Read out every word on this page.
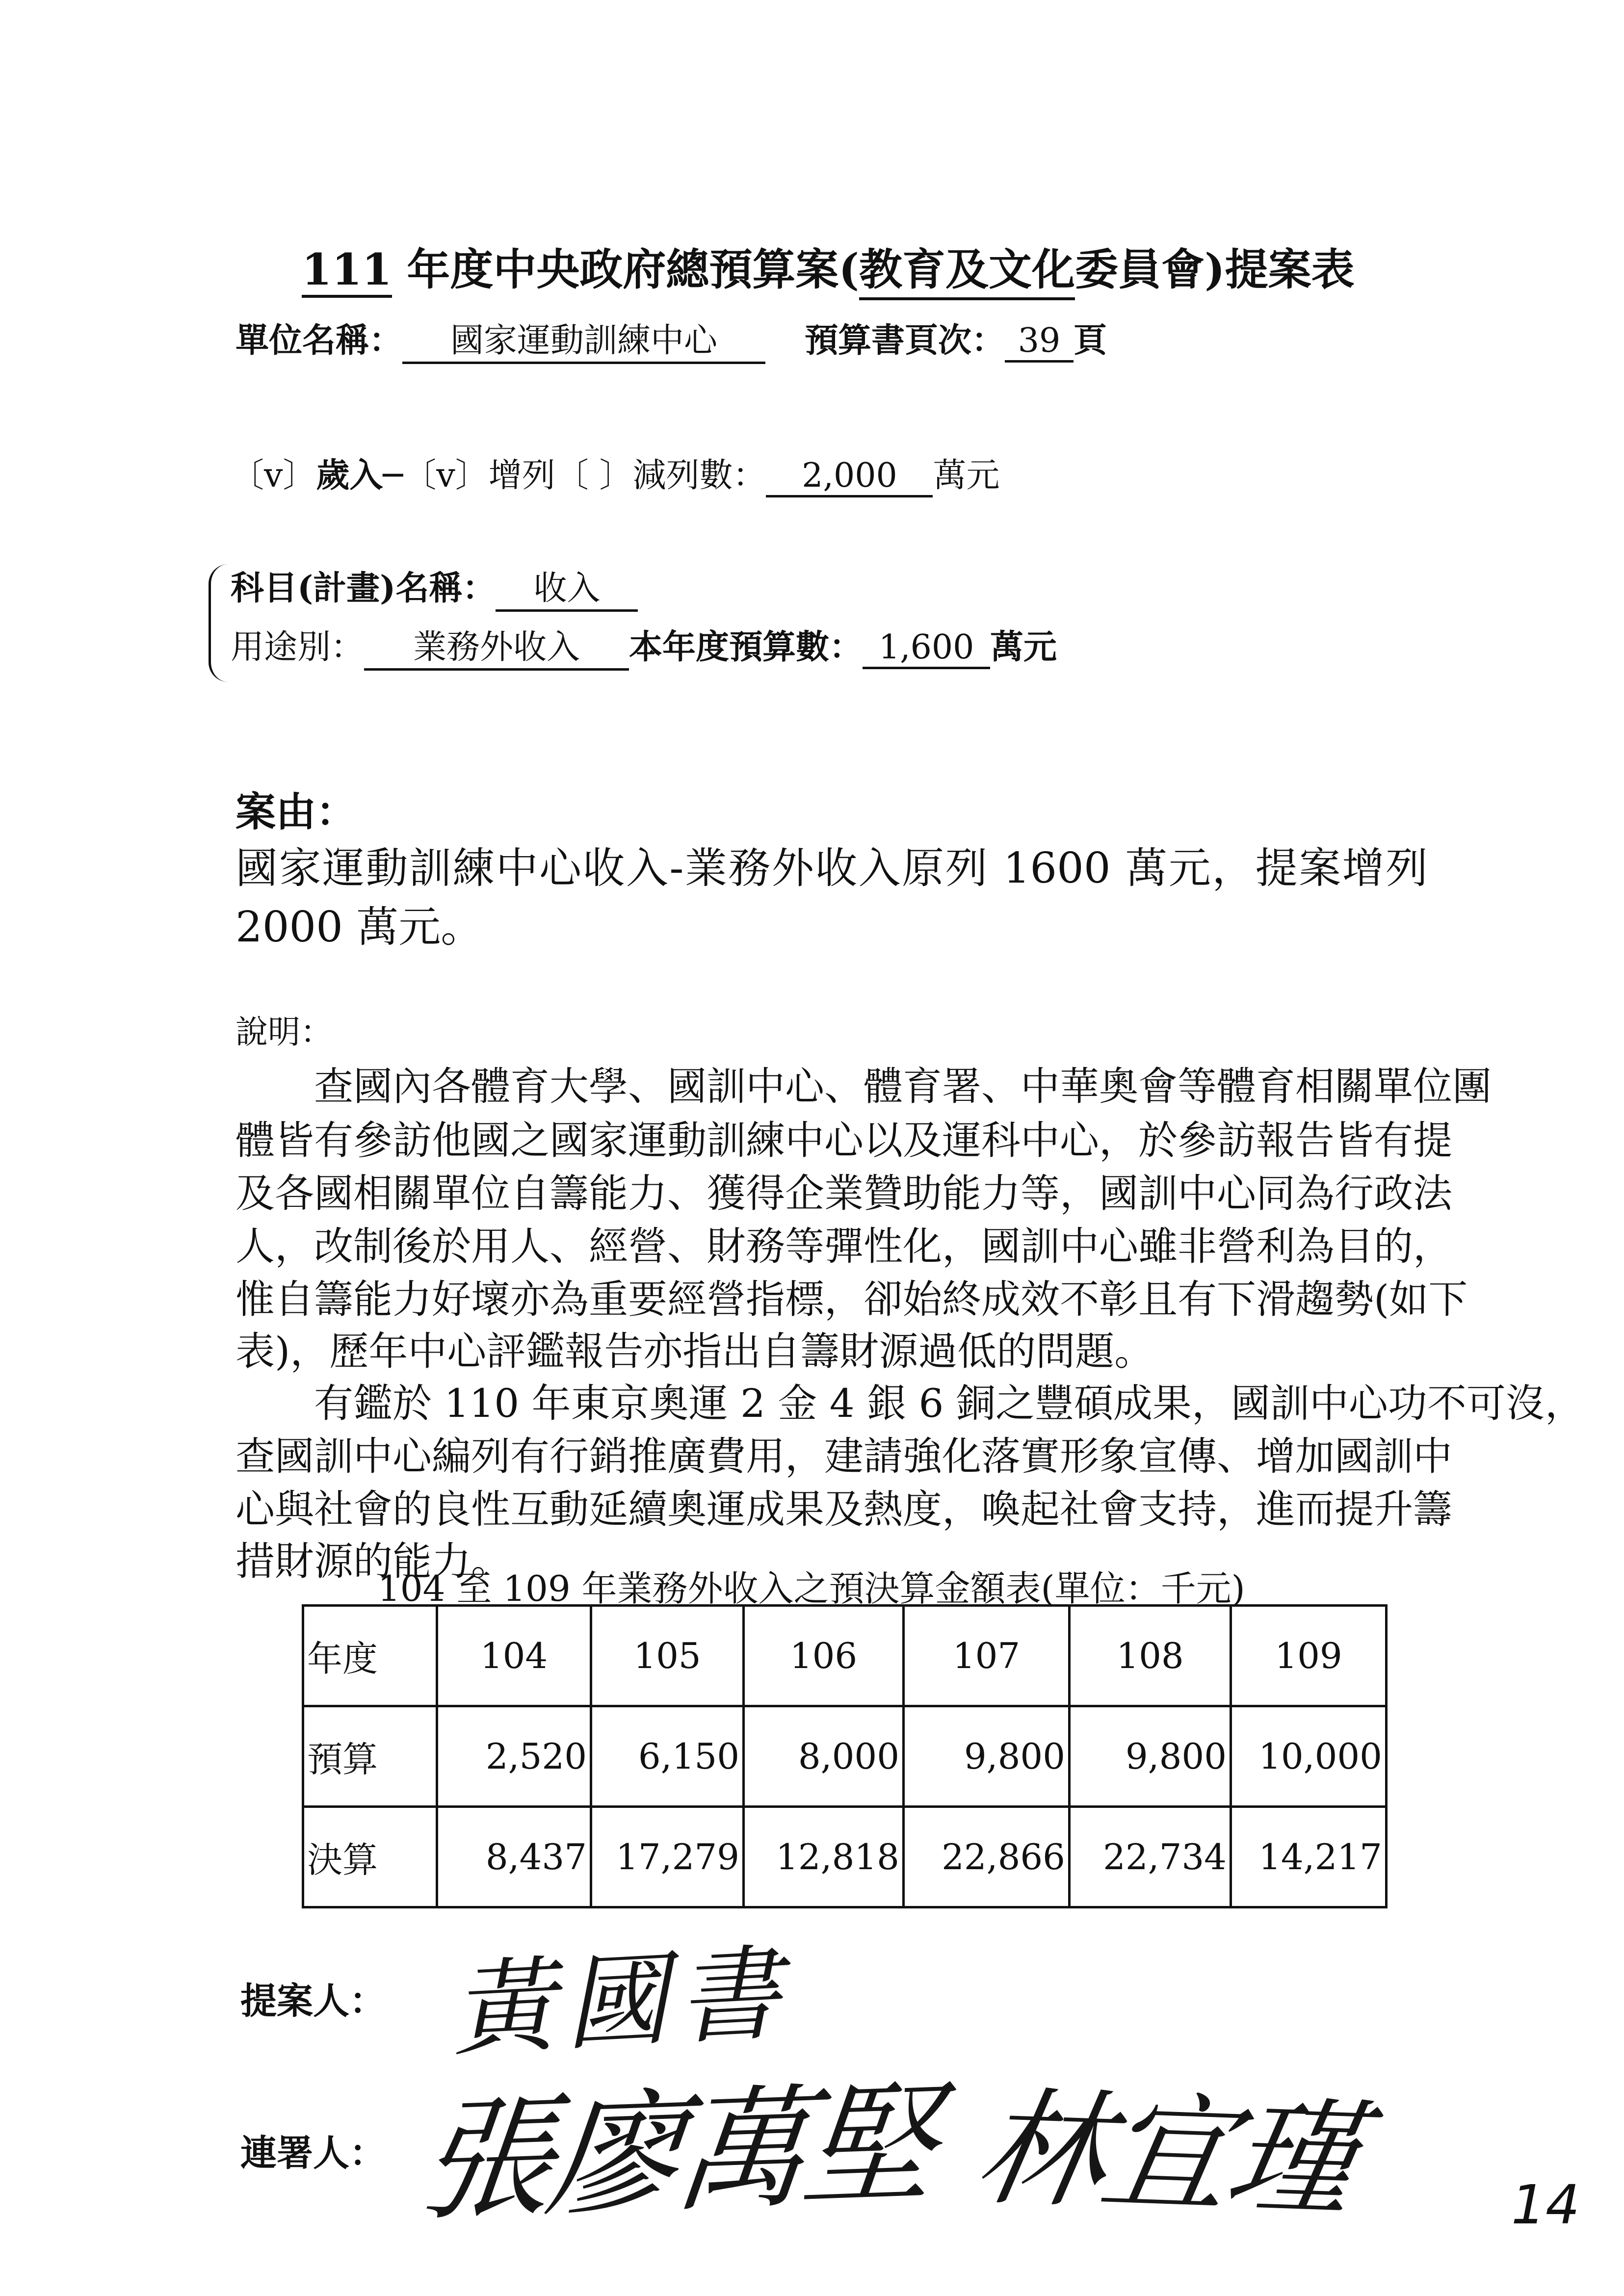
111 年度中央政府總預算案(教育及文化委員會)提案表
單位名稱： 國家運動訓練中心	預算書頁次： 39 頁
〔v〕歲入─〔v〕增列〔 〕減列數： 2,000 萬元
科目(計畫)名稱： 收入
用途別： 業務外收入 本年度預算數： 1,600 萬元
案由：
國家運動訓練中心收入-業務外收入原列 1600 萬元，提案增列
2000 萬元。
說明：
　　查國內各體育大學、國訓中心、體育署、中華奧會等體育相關單位團
體皆有參訪他國之國家運動訓練中心以及運科中心，於參訪報告皆有提
及各國相關單位自籌能力、獲得企業贊助能力等，國訓中心同為行政法
人，改制後於用人、經營、財務等彈性化，國訓中心雖非營利為目的，
惟自籌能力好壞亦為重要經營指標，卻始終成效不彰且有下滑趨勢(如下
表)，歷年中心評鑑報告亦指出自籌財源過低的問題。
　　有鑑於 110 年東京奧運 2 金 4 銀 6 銅之豐碩成果，國訓中心功不可沒，
查國訓中心編列有行銷推廣費用，建請強化落實形象宣傳、增加國訓中
心與社會的良性互動延續奧運成果及熱度，喚起社會支持，進而提升籌
措財源的能力。
104 至 109 年業務外收入之預決算金額表(單位：千元)
年度	104	105	106	107	108	109
預算	2,520	6,150	8,000	9,800	9,800	10,000
決算	8,437	17,279	12,818	22,866	22,734	14,217
提案人： 黃國書
連署人： 張廖萬堅 林宜瑾	14
